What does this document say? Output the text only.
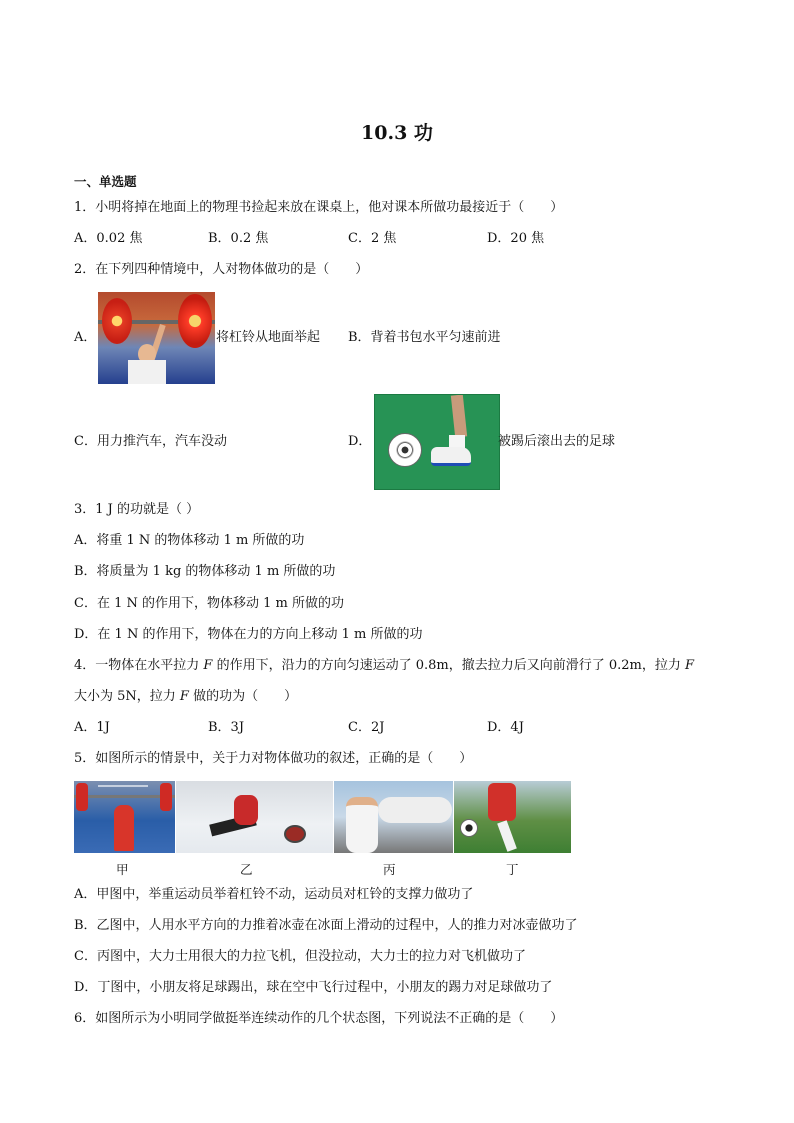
10.3 功
一、单选题
1．小明将掉在地面上的物理书捡起来放在课桌上，他对课本所做功最接近于（　　）
A．0.02 焦	B．0.2 焦	C．2 焦	D．20 焦
2．在下列四种情境中，人对物体做功的是（　　）
A．	将杠铃从地面举起 B．背着书包水平匀速前进
C．用力推汽车，汽车没动	D．	被踢后滚出去的足球
3．1 J 的功就是（ ）
A．将重 1 N 的物体移动 1 m 所做的功
B．将质量为 1 kg 的物体移动 1 m 所做的功
C．在 1 N 的作用下，物体移动 1 m 所做的功
D．在 1 N 的作用下，物体在力的方向上移动 1 m 所做的功
4．一物体在水平拉力 F 的作用下，沿力的方向匀速运动了 0.8m，撤去拉力后又向前滑行了 0.2m，拉力 F
大小为 5N，拉力 F 做的功为（　　）
A．1J	B．3J	C．2J	D．4J
5．如图所示的情景中，关于力对物体做功的叙述，正确的是（　　）
甲	乙	丙	丁
A．甲图中，举重运动员举着杠铃不动，运动员对杠铃的支撑力做功了
B．乙图中，人用水平方向的力推着冰壶在冰面上滑动的过程中，人的推力对冰壶做功了
C．丙图中，大力士用很大的力拉飞机，但没拉动，大力士的拉力对飞机做功了
D．丁图中，小朋友将足球踢出，球在空中飞行过程中，小朋友的踢力对足球做功了
6．如图所示为小明同学做挺举连续动作的几个状态图，下列说法不正确的是（　　）
